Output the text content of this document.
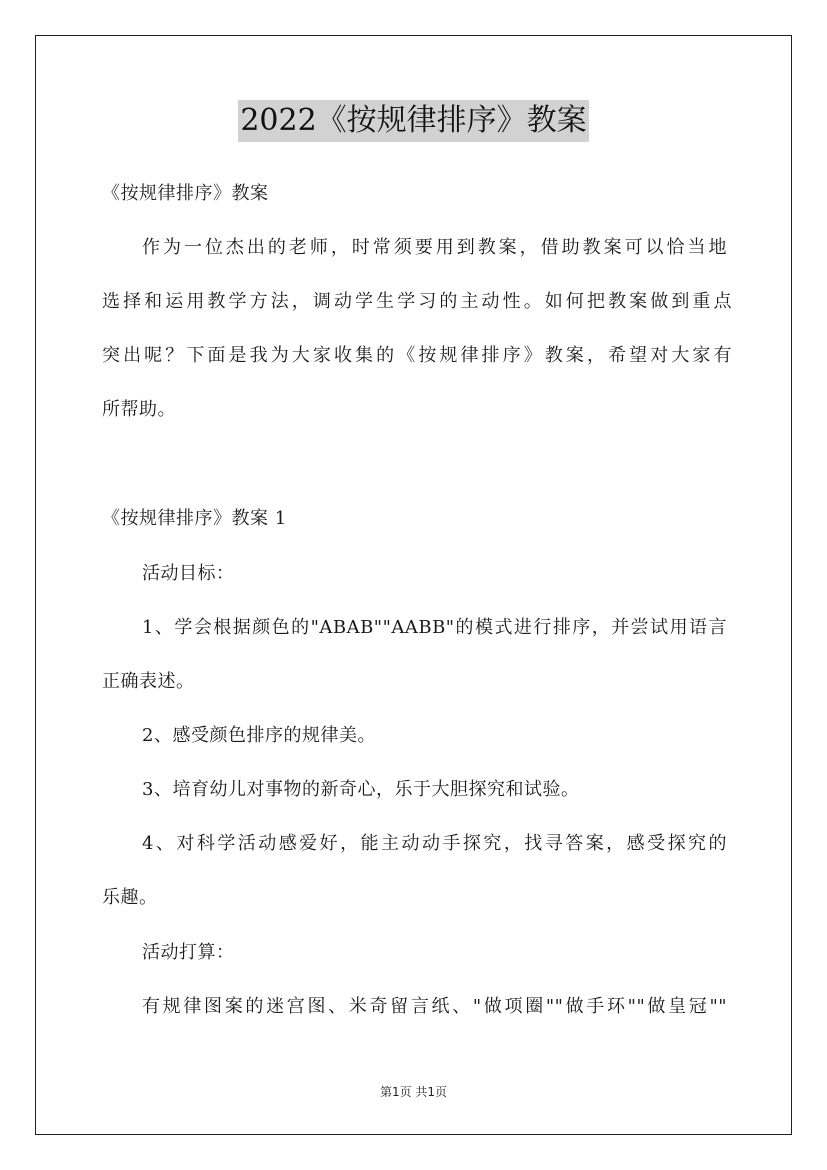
2022《按规律排序》教案
《按规律排序》教案
作为一位杰出的老师，时常须要用到教案，借助教案可以恰当地
选择和运用教学方法，调动学生学习的主动性。如何把教案做到重点
突出呢？下面是我为大家收集的《按规律排序》教案，希望对大家有
所帮助。
《按规律排序》教案 1
活动目标：
1、学会根据颜色的"ABAB""AABB"的模式进行排序，并尝试用语言
正确表述。
2、感受颜色排序的规律美。
3、培育幼儿对事物的新奇心，乐于大胆探究和试验。
4、对科学活动感爱好，能主动动手探究，找寻答案，感受探究的
乐趣。
活动打算：
有规律图案的迷宫图、米奇留言纸、"做项圈""做手环""做皇冠""
第1页 共1页
